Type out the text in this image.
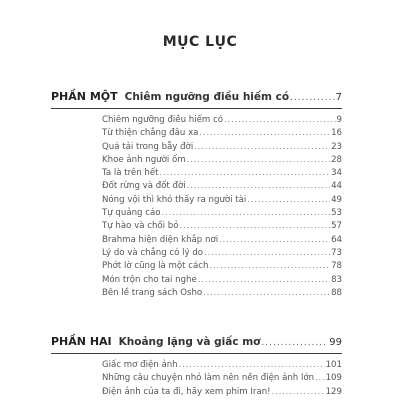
MỤC LỤC
PHẦN MỘT Chiêm ngưỡng điều hiếm có .....	7
Chiêm ngưỡng điều hiếm có .....	9
Từ thiện chẳng đâu xa .....	16
Quá tải trong bẫy đời .....	23
Khoe ảnh người ốm .....	28
Ta là trên hết .....	34
Đốt rừng và đốt đời .....	44
Nóng vội thì khó thấy ra người tài .....	49
Tự quảng cáo .....	53
Tự hào và chối bỏ .....	57
Brahma hiện diện khắp nơi .....	64
Lý do và chẳng có lý do .....	73
Phớt lờ cũng là một cách .....	78
Món trộn cho tai nghe .....	83
Bên lề trang sách Osho .....	88
PHẦN HAI Khoảng lặng và giấc mơ .....	99
Giấc mơ điện ảnh .....	101
Những câu chuyện nhỏ làm nên nền điện ảnh lớn ..... 109
Điện ảnh của ta đi, hãy xem phim Iran! .....	129
